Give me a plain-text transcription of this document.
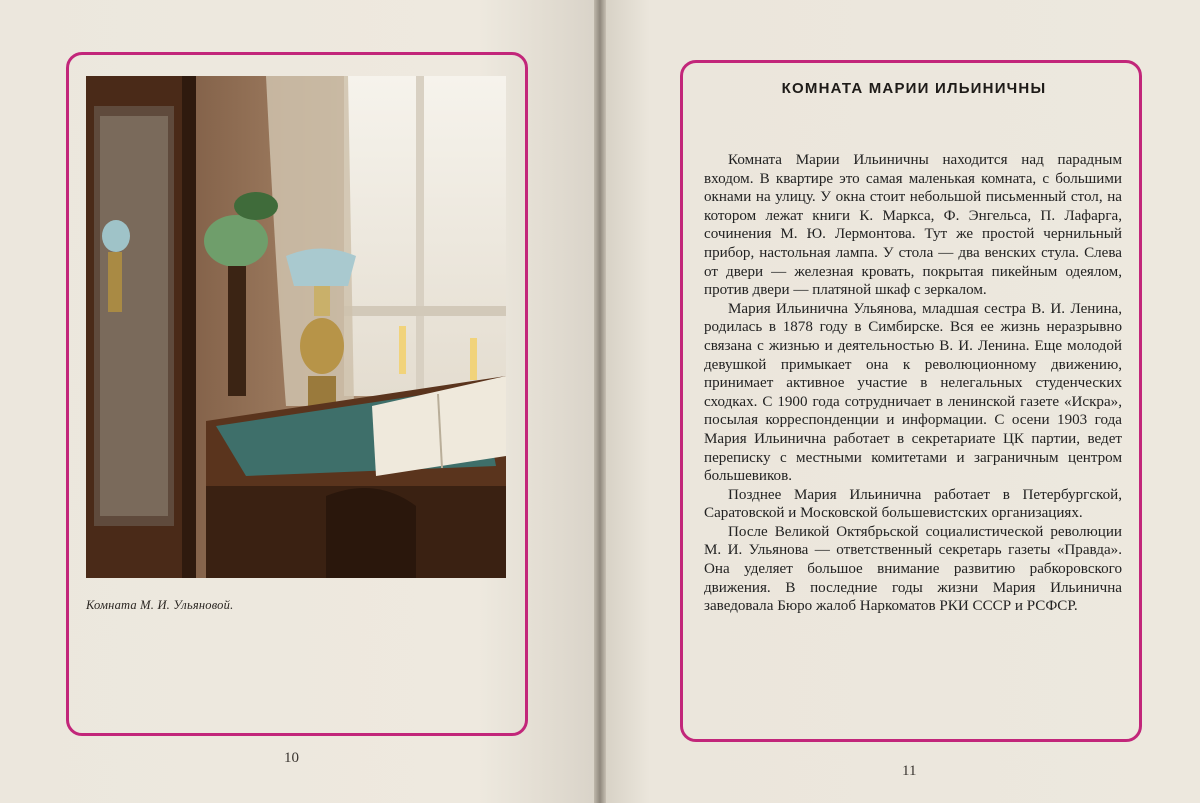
Комната М. И. Ульяновой.
10
КОМНАТА МАРИИ ИЛЬИНИЧНЫ

Комната Марии Ильиничны находится над парадным входом. В квартире это самая маленькая комната, с большими окнами на улицу. У окна стоит небольшой письменный стол, на котором лежат книги К. Маркса, Ф. Энгельса, П. Лафарга, сочинения М. Ю. Лермонтова. Тут же простой чернильный прибор, настольная лампа. У стола — два венских стула. Слева от двери — железная кровать, покрытая пикейным одеялом, против двери — платяной шкаф с зеркалом.

Мария Ильинична Ульянова, младшая сестра В. И. Ленина, родилась в 1878 году в Симбирске. Вся ее жизнь неразрывно связана с жизнью и деятельностью В. И. Ленина. Еще молодой девушкой примыкает она к революционному движению, принимает активное участие в нелегальных студенческих сходках. С 1900 года сотрудничает в ленинской газете «Искра», посылая корреспонденции и информации. С осени 1903 года Мария Ильинична работает в секретариате ЦК партии, ведет переписку с местными комитетами и заграничным центром большевиков.

Позднее Мария Ильинична работает в Петербургской, Саратовской и Московской большевистских организациях.

После Великой Октябрьской социалистической революции М. И. Ульянова — ответственный секретарь газеты «Правда». Она уделяет большое внимание развитию рабкоровского движения. В последние годы жизни Мария Ильинична заведовала Бюро жалоб Наркоматов РКИ СССР и РСФСР.

11
